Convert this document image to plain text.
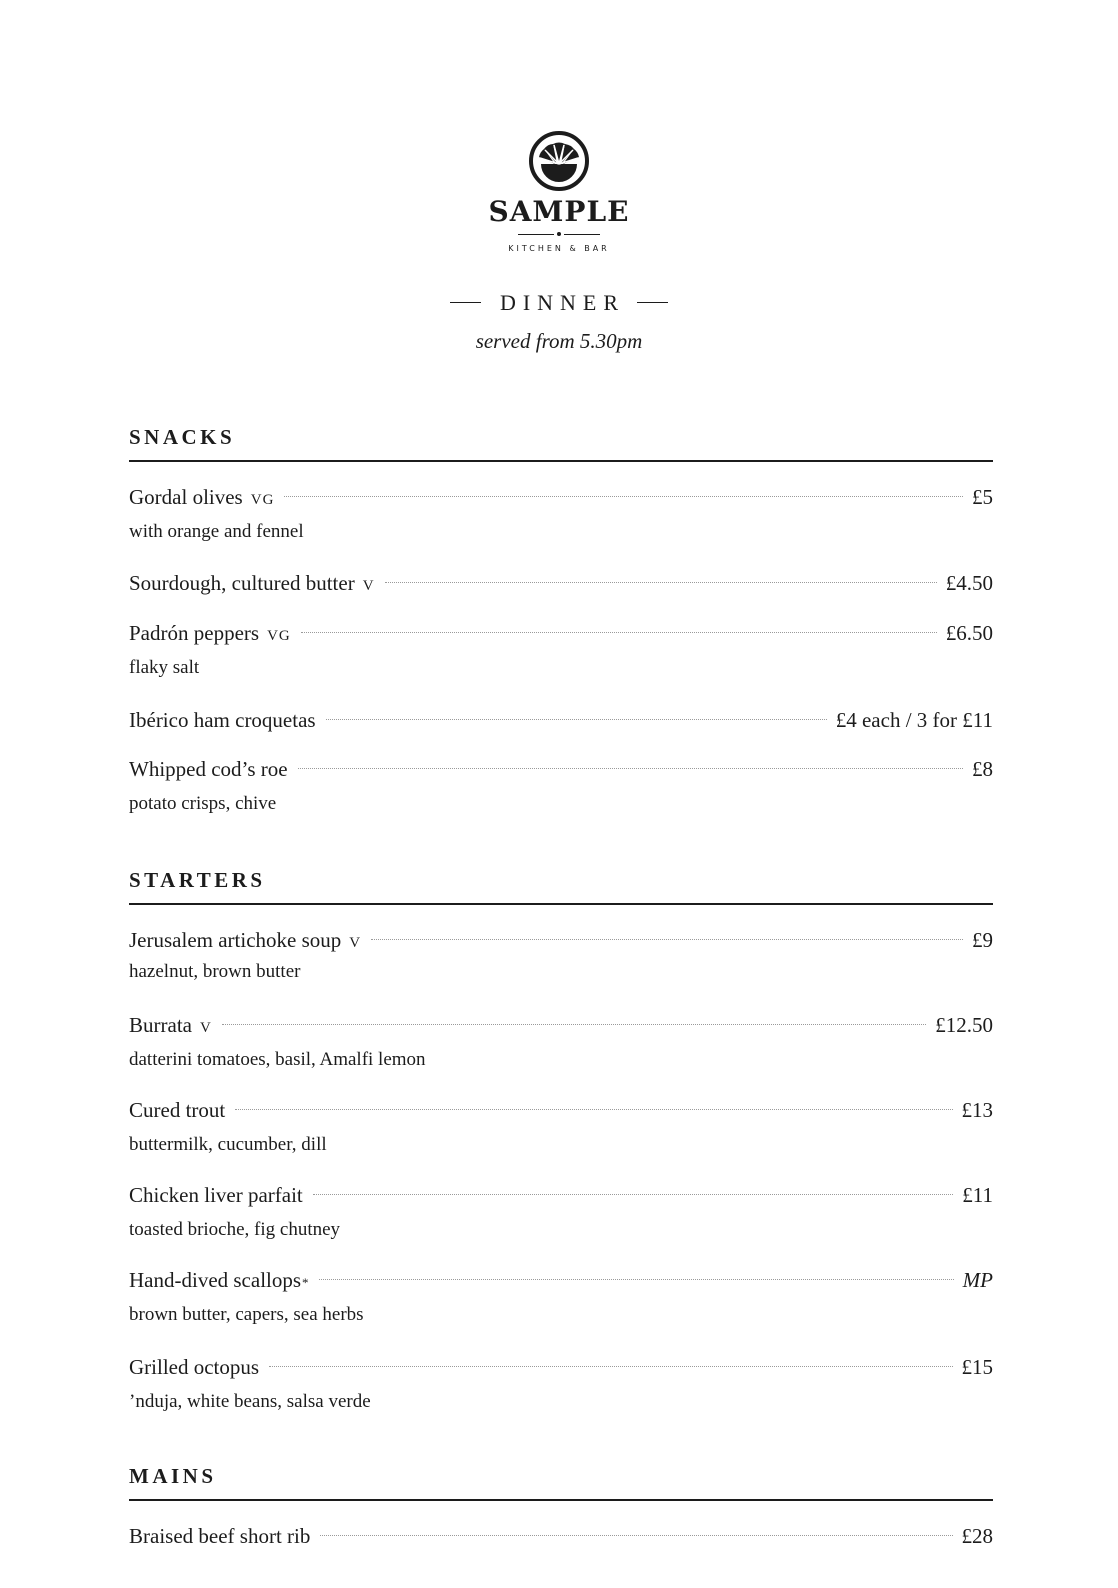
SAMPLE
KITCHEN & BAR
DINNER
served from 5.30pm
SNACKS
Gordal olives VG	£5
with orange and fennel
Sourdough, cultured butter V	£4.50
Padrón peppers VG	£6.50
flaky salt
Ibérico ham croquetas	£4 each / 3 for £11
Whipped cod’s roe	£8
potato crisps, chive
STARTERS
Jerusalem artichoke soup V	£9
hazelnut, brown butter
Burrata V	£12.50
datterini tomatoes, basil, Amalfi lemon
Cured trout	£13
buttermilk, cucumber, dill
Chicken liver parfait	£11
toasted brioche, fig chutney
Hand-dived scallops *	MP
brown butter, capers, sea herbs
Grilled octopus	£15
’nduja, white beans, salsa verde
MAINS
Braised beef short rib	£28
